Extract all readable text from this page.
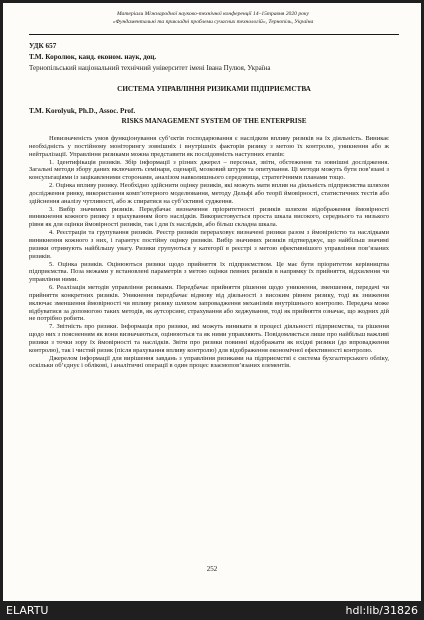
Матеріали Міжнародної науково-технічної конференції 14–15травня 2020 року
«Фундаментальні та прикладні проблеми сучасних технологій», Тернопіль, Україна
УДК 657
Т.М. Королюк, канд. економ. наук, доц.
Тернопільський національний технічний університет імені Івана Пулюя, Україна
СИСТЕМА УПРАВЛІННЯ РИЗИКАМИ ПІДПРИЄМСТВА
T.M. Korolyuk, Ph.D., Assoc. Prof.
RISKS MANAGEMENT SYSTEM OF THE ENTERPRISE

Невизначеність умов функціонування суб’єктів господарювання є наслідком впливу ризиків на їх діяльність. Виникає необхідність у постійному моніторингу зовнішніх і внутрішніх факторів ризику з метою їх контролю, уникнення або ж нейтралізації. Управління ризиками можна представити як послідовність наступних етапів:

1. Ідентифікація ризиків. Збір інформації з різних джерел – персонал, звіти, обстеження та зовнішні дослідження. Загальні методи збору даних включають семінари, сценарії, мозковий штурм та опитування. Ці методи можуть бути пов’язані з консультаціями із зацікавленими сторонами, аналізом навколишнього середовища, стратегічними планами тощо.

2. Оцінка впливу ризику. Необхідно здійснити оцінку ризиків, які можуть мати вплив на діяльність підприємства шляхом дослідження ринку, використання комп’ютерного моделювання, методу Дельфі або теорії ймовірності, статистичних тестів або здійснення аналізу чутливості, або ж спиратися на суб’єктивні судження.

3. Вибір значимих ризиків. Передбачає визначення пріоритетності ризиків шляхом відображення ймовірності виникнення кожного ризику з врахуванням його наслідків. Використовується проста шкала високого, середнього та низького рівня як для оцінки ймовірності ризиків, так і для їх наслідків, або більш складна шкала.

4. Реєстрація та групування ризиків. Реєстр ризиків перераховує визначені ризики разом з ймовірністю та наслідками виникнення кожного з них, і гарантує постійну оцінку ризиків. Вибір значимих ризиків підтверджує, що найбільш значимі ризики отримують найбільшу увагу. Ризики групуються у категорії в реєстрі з метою ефективнішого управління пов’язаних ризиків.

5. Оцінка ризиків. Оцінюються ризики щодо прийняття їх підприємством. Це має бути пріоритетом керівництва підприємства. Поза межами у встановлені параметрів з метою оцінки певних ризиків в напрямку їх прийняття, відхилення чи управління ними.

6. Реалізація методів управління ризиками. Передбачає прийняття рішення щодо уникнення, зменшення, передачі чи прийняття конкретних ризиків. Уникнення передбачає відмову від діяльності з високим рівнем ризику, тоді як зниження включає зменшення ймовірності чи впливу ризику шляхом запровадження механізмів внутрішнього контролю. Передача може відбуватися за допомогою таких методів, як аутсорсинг, страхування або хеджування, тоді як прийняття означає, що жодних дій не потрібно робити.

7. Звітність про ризики. Інформація про ризики, які можуть виникати в процесі діяльності підприємства, та рішення щодо них з поясненням як вони визначаються, оцінюються та як ними управляють. Повідомляється лише про найбільш важливі ризики з точки зору їх ймовірності та наслідків. Звіти про ризики повинні відображати як вхідні ризики (до впровадження контролю), так і чистий ризик (після врахування впливу контролю) для відображення економічної ефективності контролю.

Джерелом інформації для вирішення завдань з управління ризиками на підприємстві є система бухгалтерського обліку, оскільки об’єднує і облікові, і аналітичні операції в один процес взаємопов’язаних елементів.

252
ELARTU	hdl:lib/31826
